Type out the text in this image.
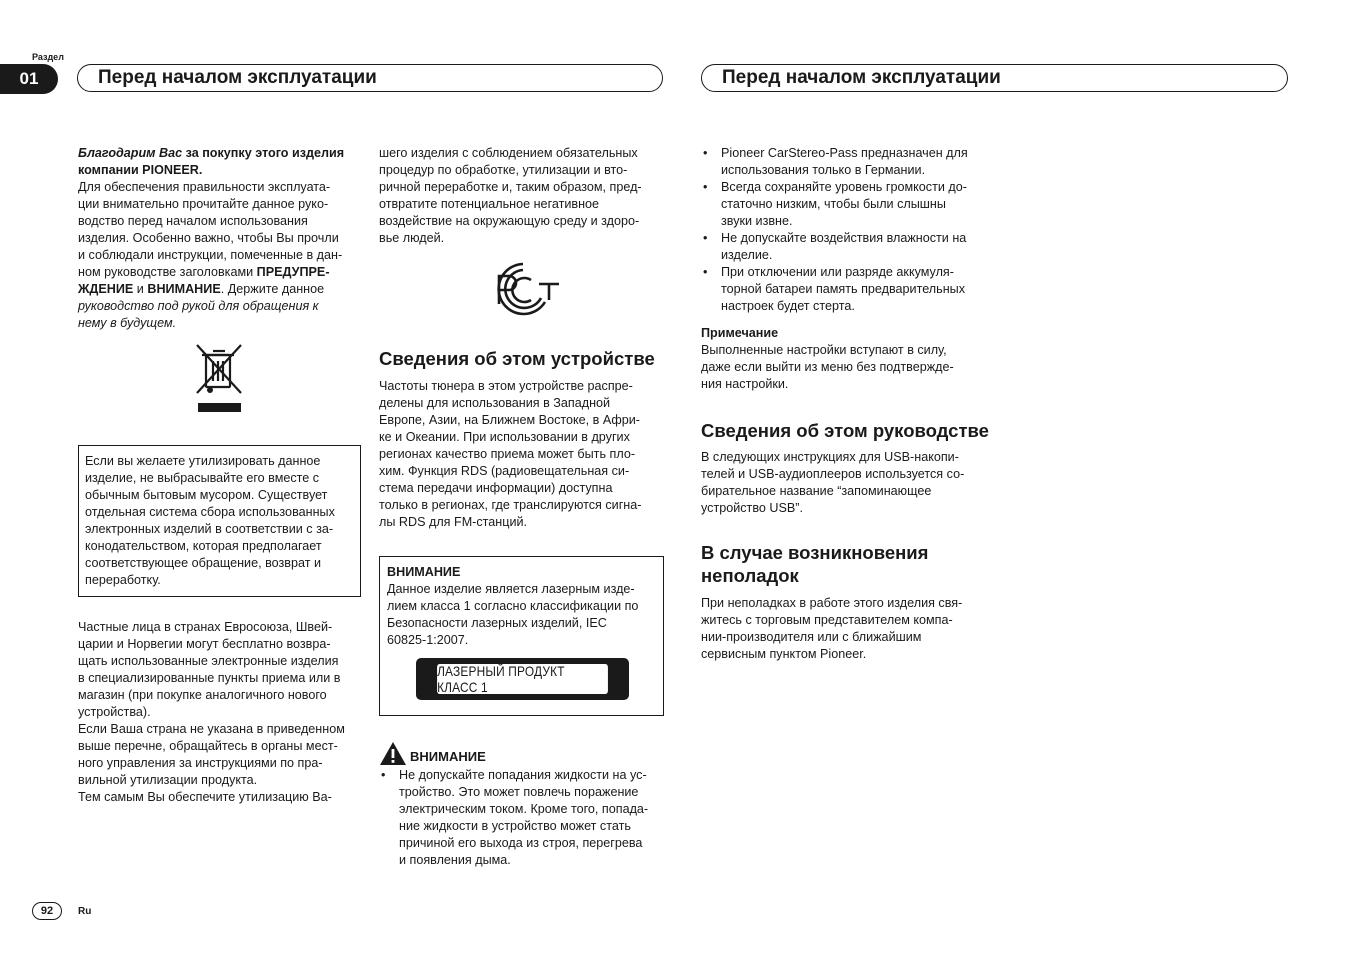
Раздел
01	Перед началом эксплуатации	Перед началом эксплуатации

Благодарим Вас за покупку этого изделия компании PIONEER.

Для обеспечения правильности эксплуата-

ции внимательно прочитайте данное руко-

водство перед началом использования

изделия. Особенно важно, чтобы Вы прочли

и соблюдали инструкции, помеченные в дан-

ном руководстве заголовками ПРЕДУПРЕ-

ЖДЕНИЕ и ВНИМАНИЕ. Держите данное

руководство под рукой для обращения к

нему в будущем.

Если вы желаете утилизировать данное

изделие, не выбрасывайте его вместе с

обычным бытовым мусором. Существует

отдельная система сбора использованных

электронных изделий в соответствии с за-

конодательством, которая предполагает

соответствующее обращение, возврат и

переработку.

Частные лица в странах Евросоюза, Швей-

царии и Норвегии могут бесплатно возвра-

щать использованные электронные изделия

в специализированные пункты приема или в

магазин (при покупке аналогичного нового

устройства).

Если Ваша страна не указана в приведенном

выше перечне, обращайтесь в органы мест-

ного управления за инструкциями по пра-

вильной утилизации продукта.

Тем самым Вы обеспечите утилизацию Ва-

шего изделия с соблюдением обязательных

процедур по обработке, утилизации и вто-

ричной переработке и, таким образом, пред-

отвратите потенциальное негативное

воздействие на окружающую среду и здоро-

вье людей.

Сведения об этом устройстве

Частоты тюнера в этом устройстве распре-

делены для использования в Западной

Европе, Азии, на Ближнем Востоке, в Афри-

ке и Океании. При использовании в других

регионах качество приема может быть пло-

хим. Функция RDS (радиовещательная си-

стема передачи информации) доступна

только в регионах, где транслируются сигна-

лы RDS для FM-станций.

ВНИМАНИЕ

Данное изделие является лазерным изде-

лием класса 1 согласно классификации по

Безопасности лазерных изделий, IEC

60825-1:2007.

ЛАЗЕРНЫЙ ПРОДУКТ КЛАСС 1
ВНИМАНИЕ
• Не допускайте попадания жидкости на ус-
тройство. Это может повлечь поражение
электрическим током. Кроме того, попада-
ние жидкости в устройство может стать
причиной его выхода из строя, перегрева
и появления дыма.
• Pioneer CarStereo-Pass предназначен для
использования только в Германии.
• Всегда сохраняйте уровень громкости до-
статочно низким, чтобы были слышны
звуки извне.
• Не допускайте воздействия влажности на
изделие.
• При отключении или разряде аккумуля-
торной батареи память предварительных
настроек будет стерта.

Примечание

Выполненные настройки вступают в силу,

даже если выйти из меню без подтвержде-

ния настройки.

Сведения об этом руководстве

В следующих инструкциях для USB-накопи-

телей и USB-аудиоплееров используется со-

бирательное название “запоминающее

устройство USB”.

В случае возникновения
неполадок

При неполадках в работе этого изделия свя-

житесь с торговым представителем компа-

нии-производителя или с ближайшим

сервисным пунктом Pioneer.

92	Ru
